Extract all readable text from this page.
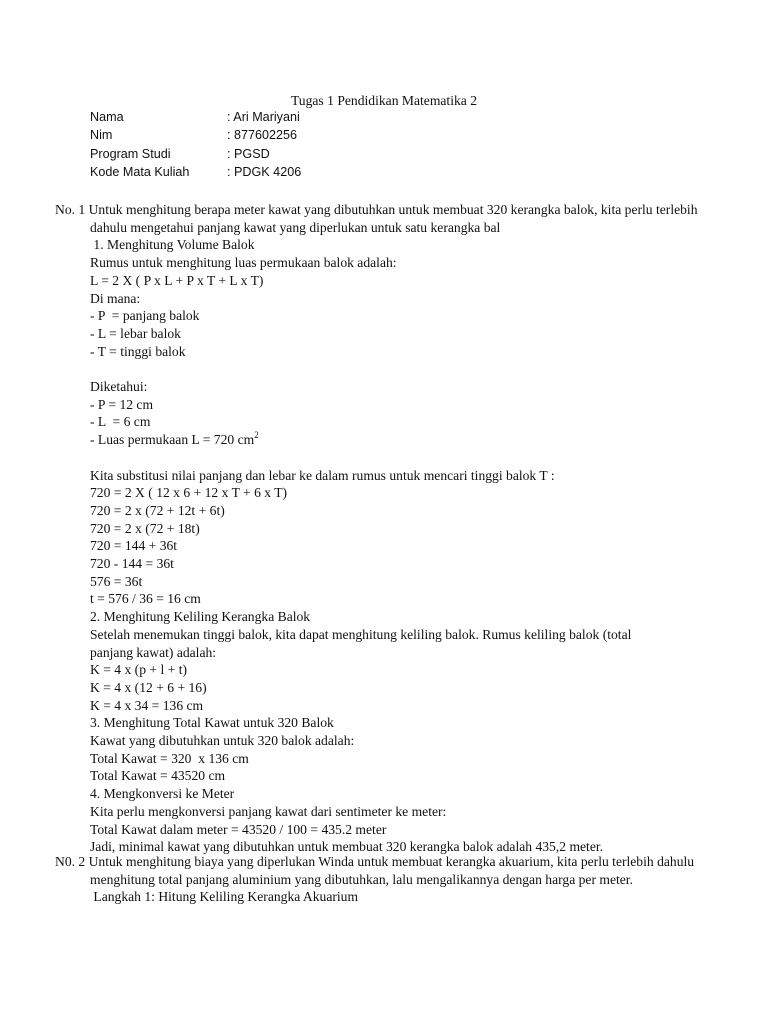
Tugas 1 Pendidikan Matematika 2
Nama	: Ari Mariyani
Nim	: 877602256
Program Studi	: PGSD
Kode Mata Kuliah	: PDGK 4206
No. 1 Untuk menghitung berapa meter kawat yang dibutuhkan untuk membuat 320 kerangka balok, kita perlu terlebih dahulu mengetahui panjang kawat yang diperlukan untuk satu kerangka bal
1. Menghitung Volume Balok
Rumus untuk menghitung luas permukaan balok adalah:
L = 2 X ( P x L + P x T + L x T)
Di mana:
- P  = panjang balok
- L = lebar balok
- T = tinggi balok
Diketahui:
- P = 12 cm
- L  = 6 cm
- Luas permukaan L = 720 $cm^2$
Kita substitusi nilai panjang dan lebar ke dalam rumus untuk mencari tinggi balok T :
720 = 2 X ( 12 x 6 + 12 x T + 6 x T)
720 = 2 x (72 + 12t + 6t)
720 = 2 x (72 + 18t)
720 = 144 + 36t
720 - 144 = 36t
576 = 36t
t = 576 / 36 = 16 cm
2. Menghitung Keliling Kerangka Balok
Setelah menemukan tinggi balok, kita dapat menghitung keliling balok. Rumus keliling balok (total panjang kawat) adalah:
K = 4 x (p + l + t)
K = 4 x (12 + 6 + 16)
K = 4 x 34 = 136 cm
3. Menghitung Total Kawat untuk 320 Balok
Kawat yang dibutuhkan untuk 320 balok adalah:
Total Kawat = 320  x 136 cm
Total Kawat = 43520 cm
4. Mengkonversi ke Meter
Kita perlu mengkonversi panjang kawat dari sentimeter ke meter:
Total Kawat dalam meter = 43520 / 100 = 435.2 meter
Jadi, minimal kawat yang dibutuhkan untuk membuat 320 kerangka balok adalah 435,2 meter.
N0. 2 Untuk menghitung biaya yang diperlukan Winda untuk membuat kerangka akuarium, kita perlu terlebih dahulu menghitung total panjang aluminium yang dibutuhkan, lalu mengalikannya dengan harga per meter.
Langkah 1: Hitung Keliling Kerangka Akuarium
